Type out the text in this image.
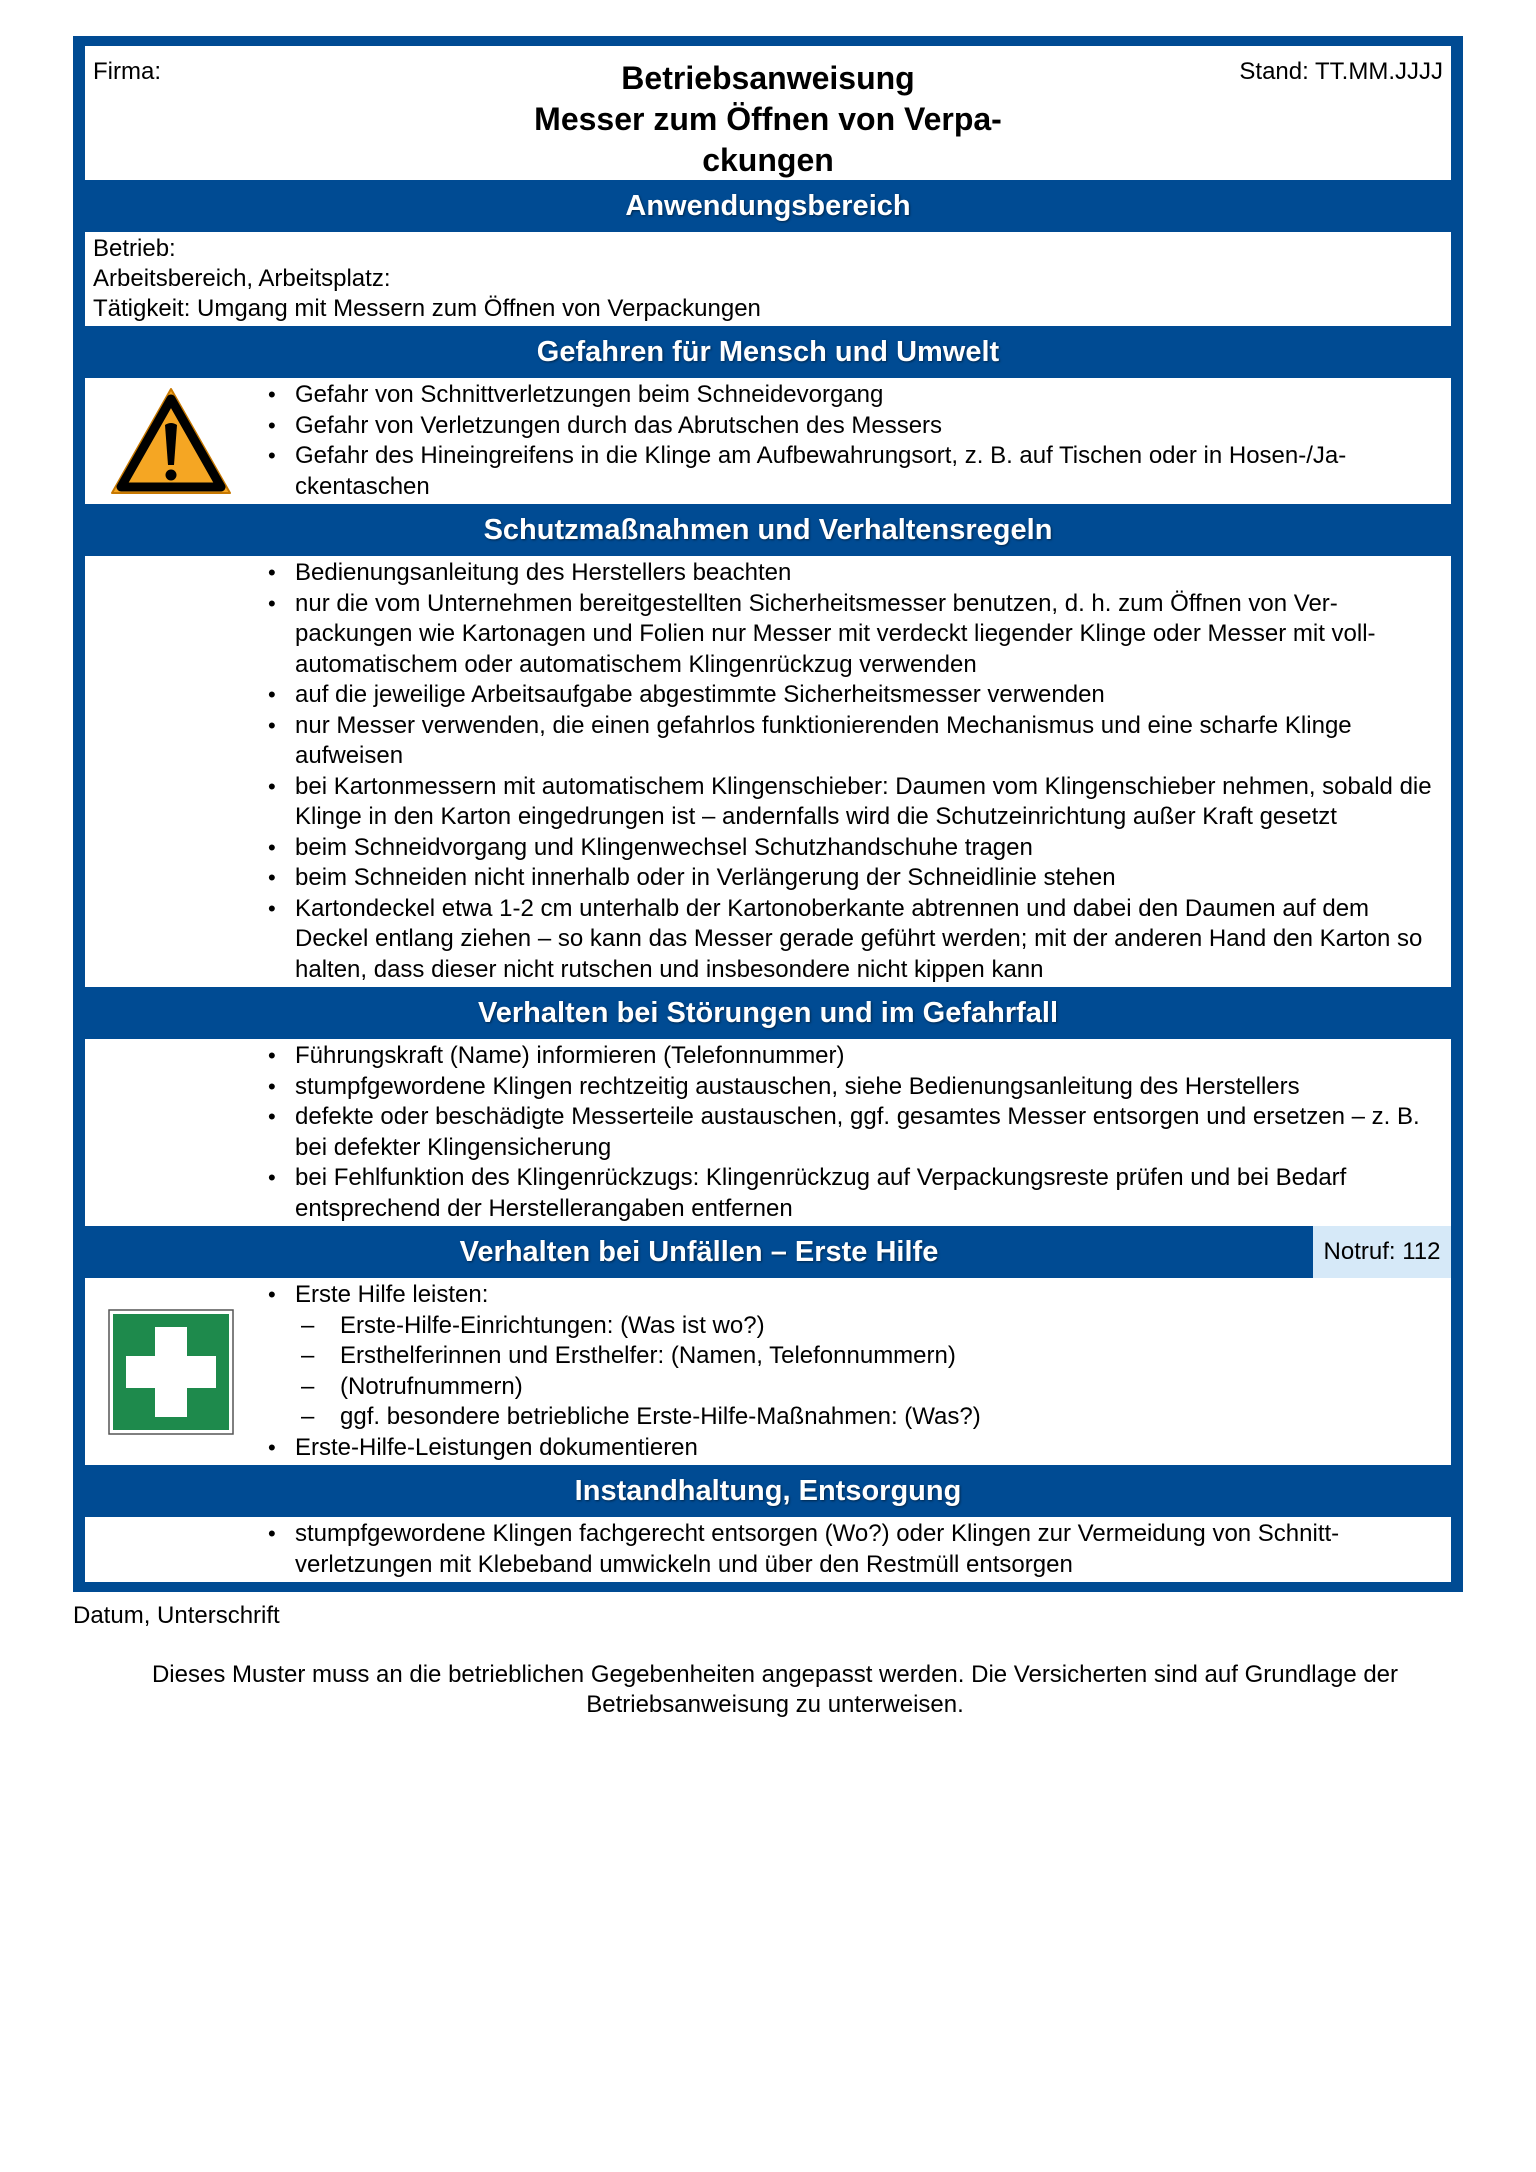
Firma:	Betriebsanweisung
Messer zum Öffnen von Verpa-
ckungen
Stand: TT.MM.JJJJ
Anwendungsbereich
Betrieb:
Arbeitsbereich, Arbeitsplatz:
Tätigkeit: Umgang mit Messern zum Öffnen von Verpackungen
Gefahren für Mensch und Umwelt
• Gefahr von Schnittverletzungen beim Schneidevorgang
• Gefahr von Verletzungen durch das Abrutschen des Messers
• Gefahr des Hineingreifens in die Klinge am Aufbewahrungsort, z. B. auf Tischen oder in Hosen-/Jackentaschen
Schutzmaßnahmen und Verhaltensregeln
• Bedienungsanleitung des Herstellers beachten
• nur die vom Unternehmen bereitgestellten Sicherheitsmesser benutzen, d. h. zum Öffnen von Verpackungen wie Kartonagen und Folien nur Messer mit verdeckt liegender Klinge oder Messer mit voll-automatischem oder automatischem Klingenrückzug verwenden
• auf die jeweilige Arbeitsaufgabe abgestimmte Sicherheitsmesser verwenden
• nur Messer verwenden, die einen gefahrlos funktionierenden Mechanismus und eine scharfe Klinge aufweisen
• bei Kartonmessern mit automatischem Klingenschieber: Daumen vom Klingenschieber nehmen, sobald die Klinge in den Karton eingedrungen ist – andernfalls wird die Schutzeinrichtung außer Kraft gesetzt
• beim Schneidvorgang und Klingenwechsel Schutzhandschuhe tragen
• beim Schneiden nicht innerhalb oder in Verlängerung der Schneidlinie stehen
• Kartondeckel etwa 1-2 cm unterhalb der Kartonoberkante abtrennen und dabei den Daumen auf dem Deckel entlang ziehen – so kann das Messer gerade geführt werden; mit der anderen Hand den Karton so halten, dass dieser nicht rutschen und insbesondere nicht kippen kann
Verhalten bei Störungen und im Gefahrfall
• Führungskraft (Name) informieren (Telefonnummer)
• stumpfgewordene Klingen rechtzeitig austauschen, siehe Bedienungsanleitung des Herstellers
• defekte oder beschädigte Messerteile austauschen, ggf. gesamtes Messer entsorgen und ersetzen – z. B. bei defekter Klingensicherung
• bei Fehlfunktion des Klingenrückzugs: Klingenrückzug auf Verpackungsreste prüfen und bei Bedarf entsprechend der Herstellerangaben entfernen
Verhalten bei Unfällen – Erste Hilfe	Notruf: 112
• Erste Hilfe leisten:
– Erste-Hilfe-Einrichtungen: (Was ist wo?)
– Ersthelferinnen und Ersthelfer: (Namen, Telefonnummern)
– (Notrufnummern)
– ggf. besondere betriebliche Erste-Hilfe-Maßnahmen: (Was?)
• Erste-Hilfe-Leistungen dokumentieren
Instandhaltung, Entsorgung
• stumpfgewordene Klingen fachgerecht entsorgen (Wo?) oder Klingen zur Vermeidung von Schnittverletzungen mit Klebeband umwickeln und über den Restmüll entsorgen
Datum, Unterschrift
Dieses Muster muss an die betrieblichen Gegebenheiten angepasst werden. Die Versicherten sind auf Grundlage der Betriebsanweisung zu unterweisen.
